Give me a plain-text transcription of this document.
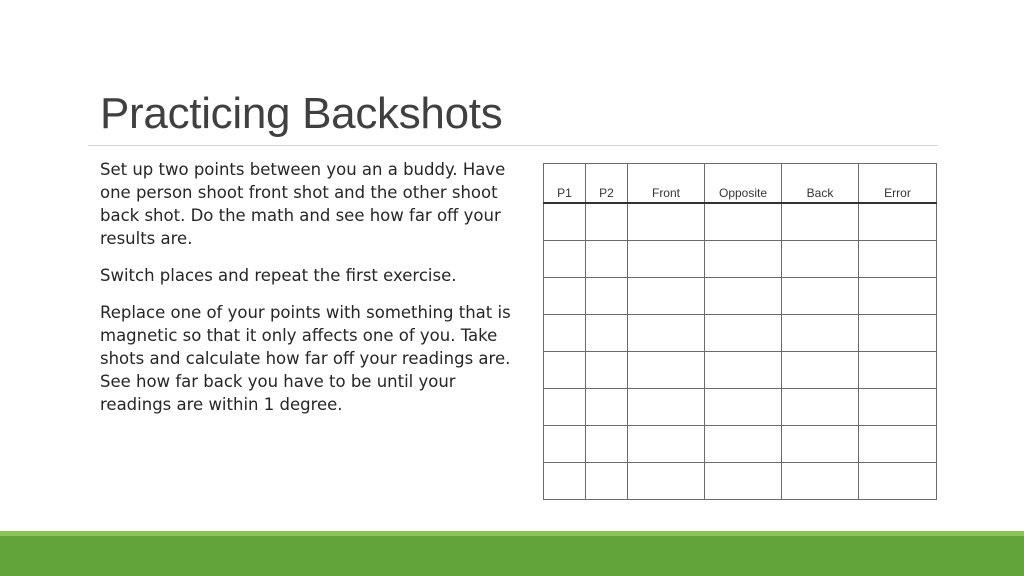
Practicing Backshots

Set up two points between you an a buddy. Have one person shoot front shot and the other shoot back shot. Do the math and see how far off your results are.

Switch places and repeat the first exercise.

Replace one of your points with something that is magnetic so that it only affects one of you. Take shots and calculate how far off your readings are. See how far back you have to be until your readings are within 1 degree.

P1	P2	Front	Opposite	Back	Error
